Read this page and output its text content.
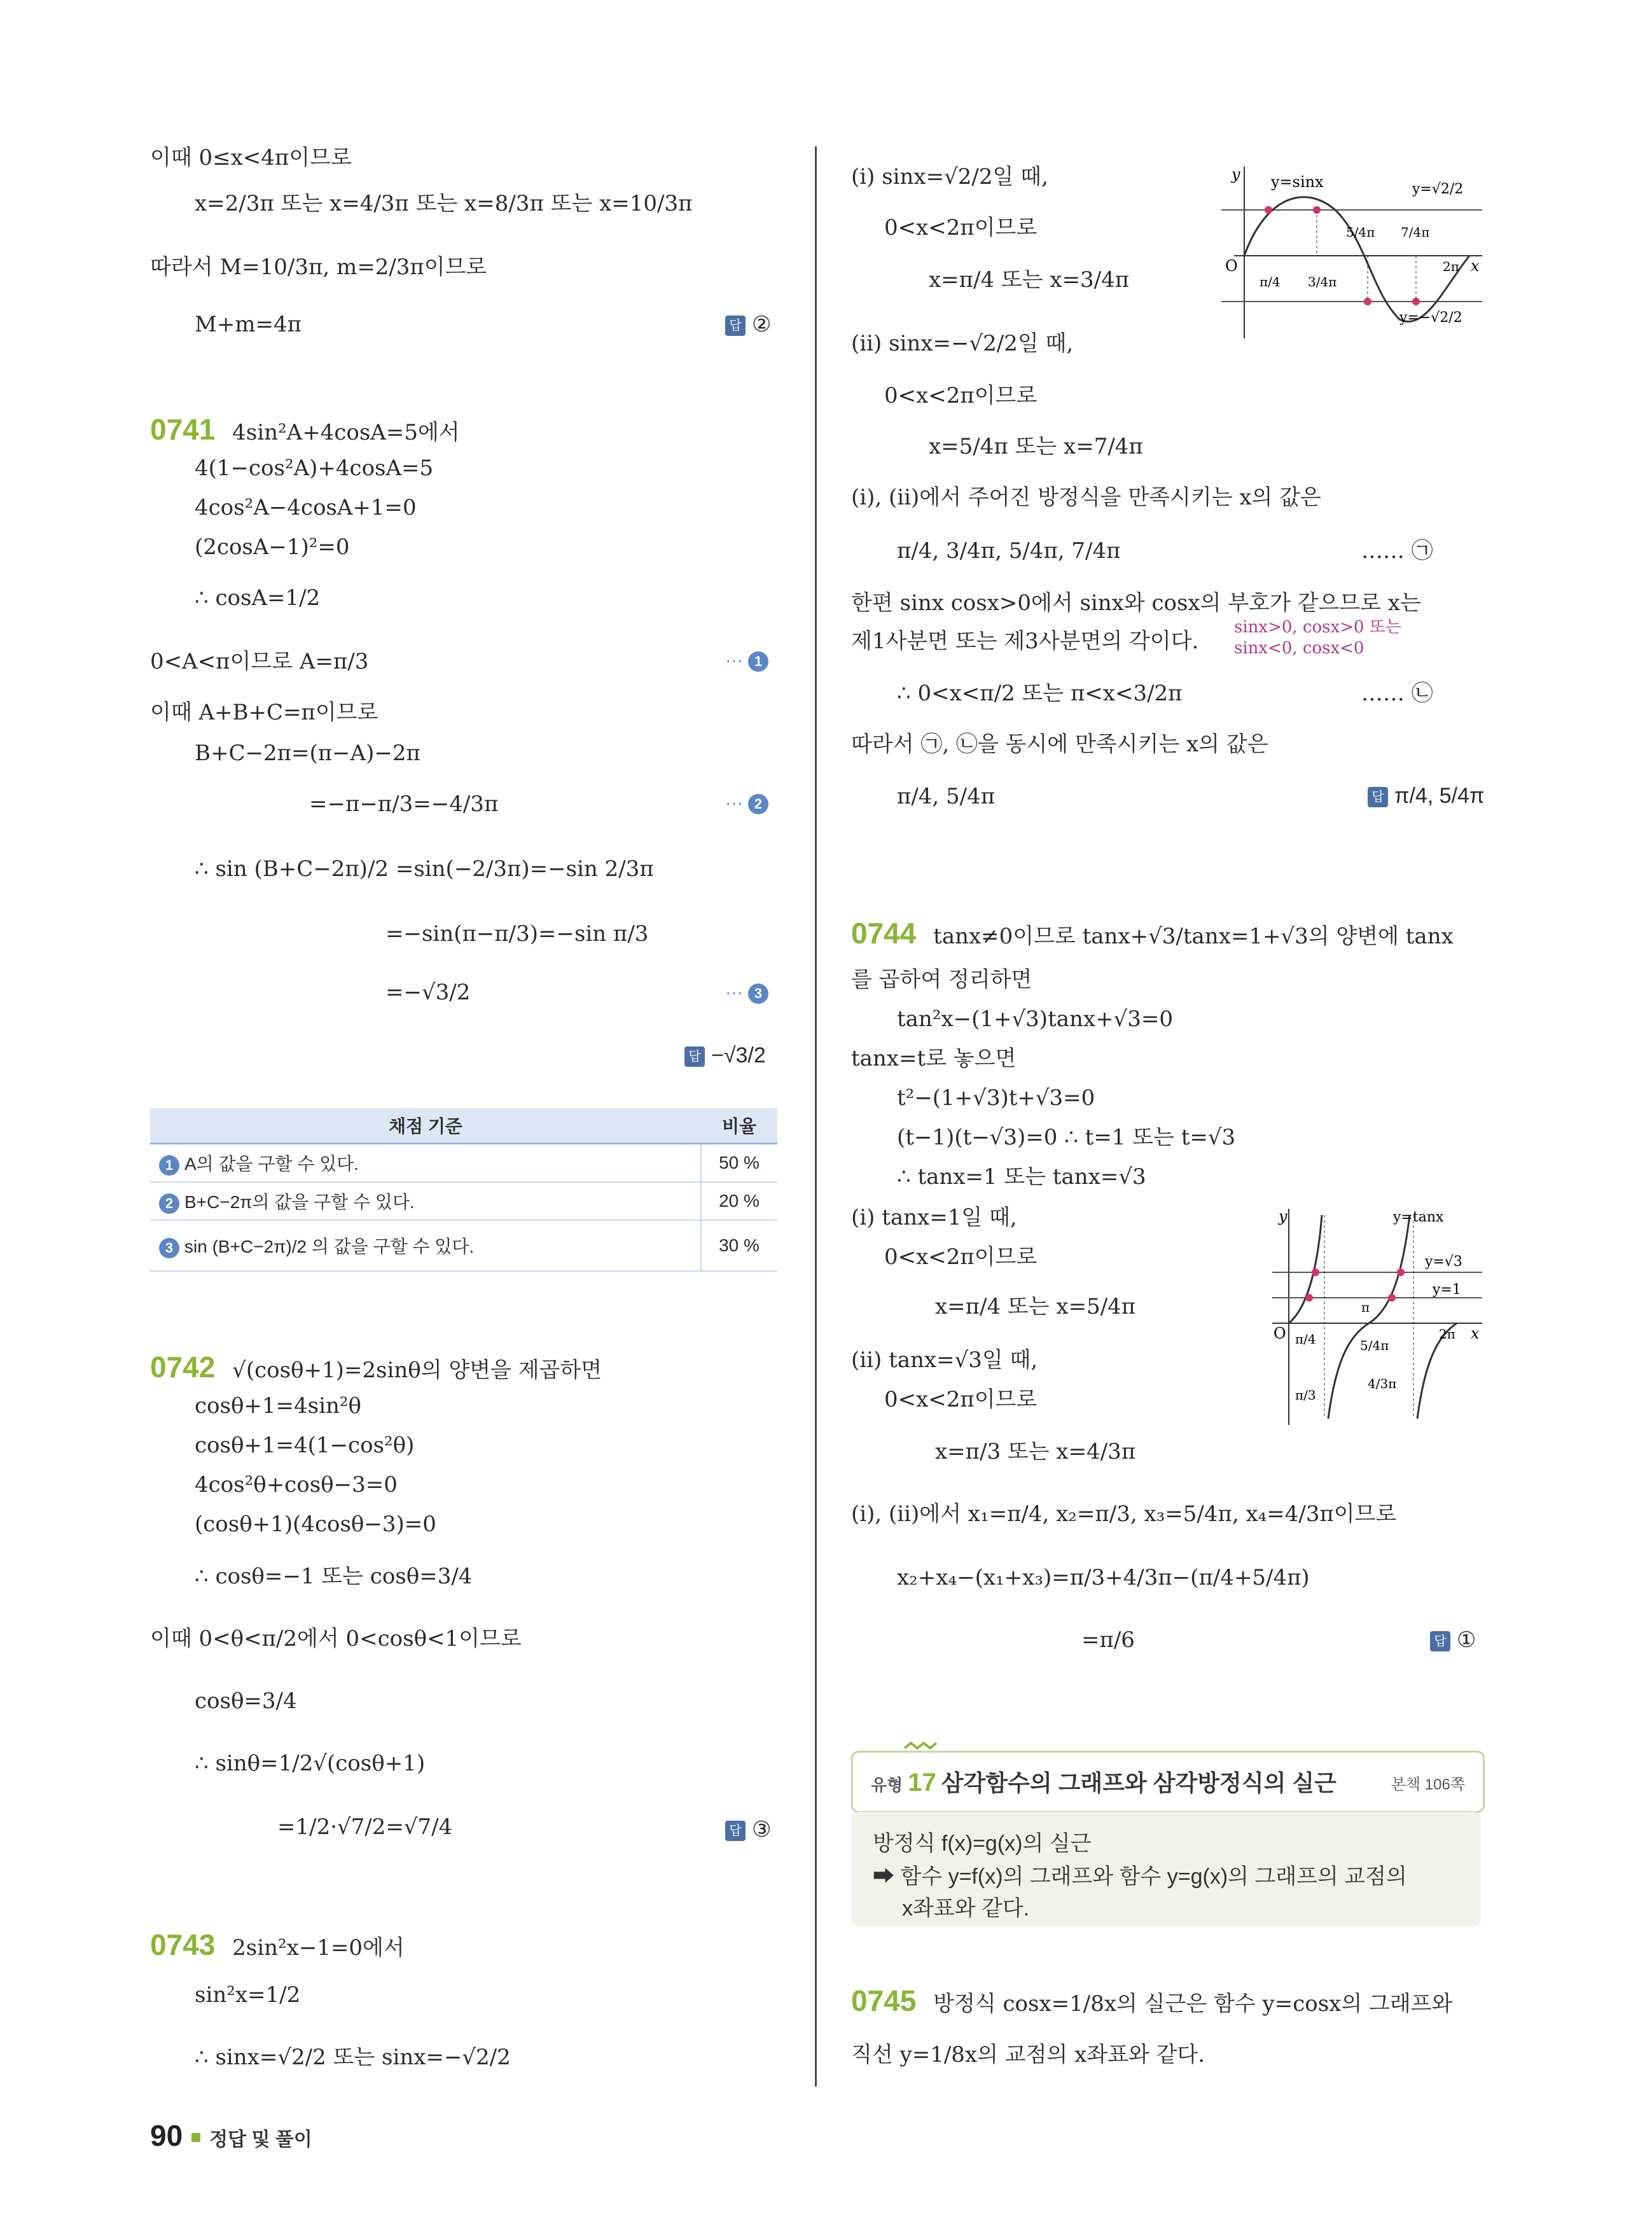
이때 0≤x<4π이므로
x=2/3π 또는 x=4/3π 또는 x=8/3π 또는 x=10/3π
따라서 M=10/3π, m=2/3π이므로
M+m=4π	답 ②
0741 4sin²A+4cosA=5에서
4(1−cos²A)+4cosA=5
4cos²A−4cosA+1=0
(2cosA−1)²=0
∴ cosA=1/2
0<A<π이므로 A=π/3	··· 1
이때 A+B+C=π이므로
B+C−2π=(π−A)−2π
=−π−π/3=−4/3π	··· 2
∴ sin (B+C−2π)/2 =sin(−2/3π)=−sin 2/3π
=−sin(π−π/3)=−sin π/3
=−√3/2	··· 3
답 −√3/2
채점 기준	비율
1 A의 값을 구할 수 있다.	50 %
2 B+C−2π의 값을 구할 수 있다.	20 %
3 sin (B+C−2π)/2 의 값을 구할 수 있다.	30 %
0742 √(cosθ+1)=2sinθ의 양변을 제곱하면
cosθ+1=4sin²θ
cosθ+1=4(1−cos²θ)
4cos²θ+cosθ−3=0
(cosθ+1)(4cosθ−3)=0
∴ cosθ=−1 또는 cosθ=3/4
이때 0<θ<π/2에서 0<cosθ<1이므로
cosθ=3/4
∴ sinθ=1/2√(cosθ+1)
=1/2·√7/2=√7/4	답 ③
0743 2sin²x−1=0에서
sin²x=1/2
∴ sinx=√2/2 또는 sinx=−√2/2
(i) sinx=√2/2일 때,
0<x<2π이므로
x=π/4 또는 x=3/4π
(ii) sinx=−√2/2일 때,
0<x<2π이므로
x=5/4π 또는 x=7/4π
y y=sinx	y=√2/2
y=−√2/2
O	x
π/4 3/4π
5/4π 7/4π
2π
(i), (ii)에서 주어진 방정식을 만족시키는 x의 값은
π/4, 3/4π, 5/4π, 7/4π	…… ㉠
한편 sinx cosx>0에서 sinx와 cosx의 부호가 같으므로 x는
제1사분면 또는 제3사분면의 각이다.
sinx>0, cosx>0 또는
sinx<0, cosx<0
∴ 0<x<π/2 또는 π<x<3/2π	…… ㉡
따라서 ㉠, ㉡을 동시에 만족시키는 x의 값은
π/4, 5/4π	답 π/4, 5/4π
0744 tanx≠0이므로 tanx+√3/tanx=1+√3의 양변에 tanx
를 곱하여 정리하면
tan²x−(1+√3)tanx+√3=0
tanx=t로 놓으면
t²−(1+√3)t+√3=0
(t−1)(t−√3)=0 ∴ t=1 또는 t=√3
∴ tanx=1 또는 tanx=√3
(i) tanx=1일 때,
0<x<2π이므로
x=π/4 또는 x=5/4π
(ii) tanx=√3일 때,
0<x<2π이므로
x=π/3 또는 x=4/3π
(i), (ii)에서 x₁=π/4, x₂=π/3, x₃=5/4π, x₄=4/3π이므로
x₂+x₄−(x₁+x₃)=π/3+4/3π−(π/4+5/4π)
=π/6	답 ①
y	y=tanx
y=√3
y=1
O	x
π/4
π/3
5/4π
4/3π
2π
π
유형 17 삼각함수의 그래프와 삼각방정식의 실근	본책 106쪽
방정식 f(x)=g(x)의 실근
➡ 함수 y=f(x)의 그래프와 함수 y=g(x)의 그래프의 교점의
x좌표와 같다.
0745 방정식 cosx=1/8x의 실근은 함수 y=cosx의 그래프와
직선 y=1/8x의 교점의 x좌표와 같다.
90 정답 및 풀이
